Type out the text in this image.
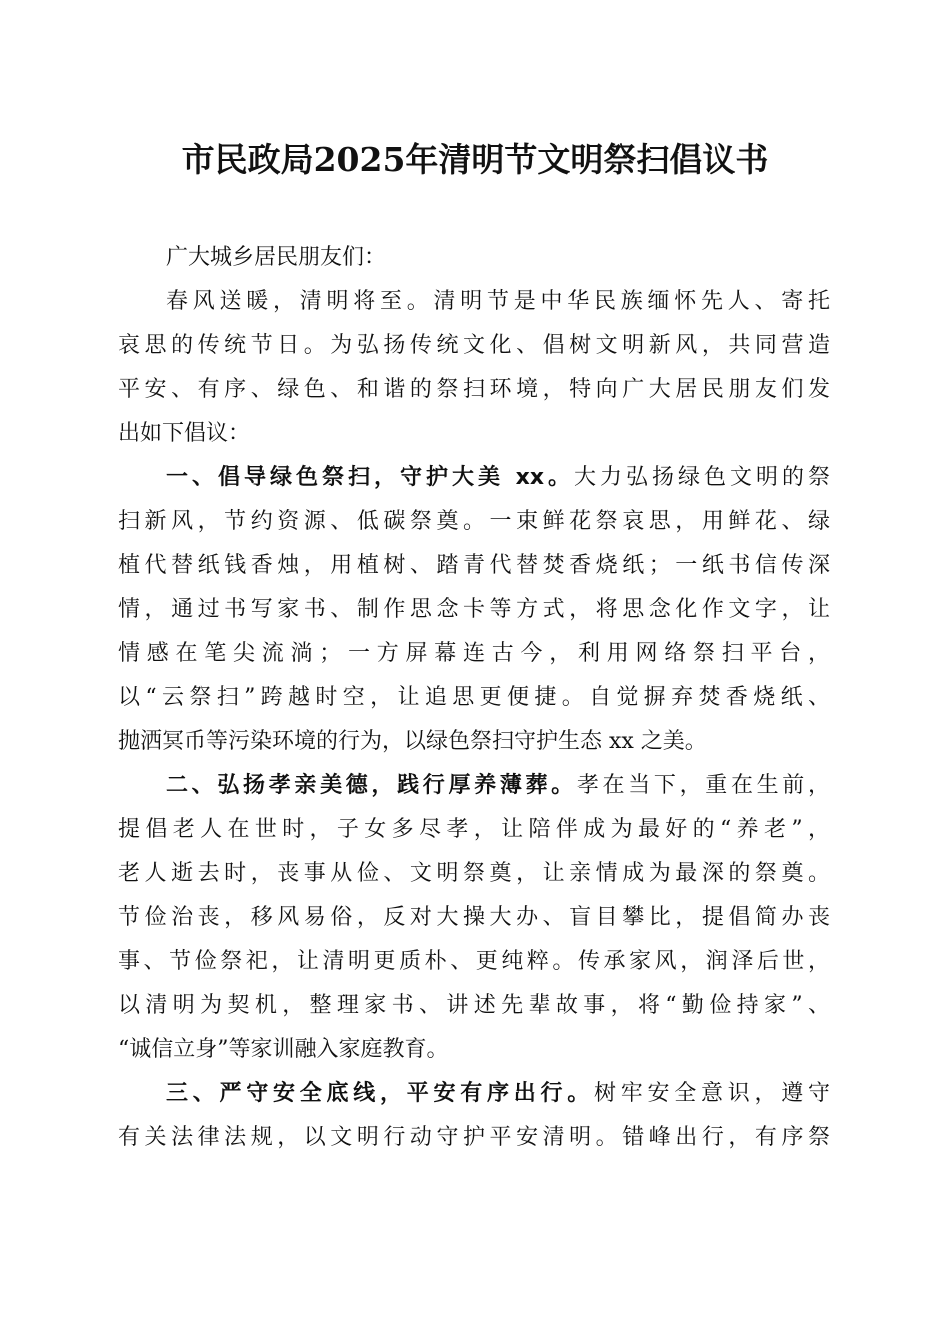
市民政局2025年清明节文明祭扫倡议书
广大城乡居民朋友们：
春风送暖，清明将至。清明节是中华民族缅怀先人、寄托
哀思的传统节日。为弘扬传统文化、倡树文明新风，共同营造
平安、有序、绿色、和谐的祭扫环境，特向广大居民朋友们发
出如下倡议：
一、倡导绿色祭扫，守护大美 xx。大力弘扬绿色文明的祭
扫新风，节约资源、低碳祭奠。一束鲜花祭哀思，用鲜花、绿
植代替纸钱香烛，用植树、踏青代替焚香烧纸；一纸书信传深
情，通过书写家书、制作思念卡等方式，将思念化作文字，让
情感在笔尖流淌；一方屏幕连古今，利用网络祭扫平台，
以“云祭扫”跨越时空，让追思更便捷。自觉摒弃焚香烧纸、
抛洒冥币等污染环境的行为，以绿色祭扫守护生态 xx 之美。
二、弘扬孝亲美德，践行厚养薄葬。孝在当下，重在生前，
提倡老人在世时，子女多尽孝，让陪伴成为最好的“养老”，
老人逝去时，丧事从俭、文明祭奠，让亲情成为最深的祭奠。
节俭治丧，移风易俗，反对大操大办、盲目攀比，提倡简办丧
事、节俭祭祀，让清明更质朴、更纯粹。传承家风，润泽后世，
以清明为契机，整理家书、讲述先辈故事，将“勤俭持家”、
“诚信立身”等家训融入家庭教育。
三、严守安全底线，平安有序出行。树牢安全意识，遵守
有关法律法规，以文明行动守护平安清明。错峰出行，有序祭
